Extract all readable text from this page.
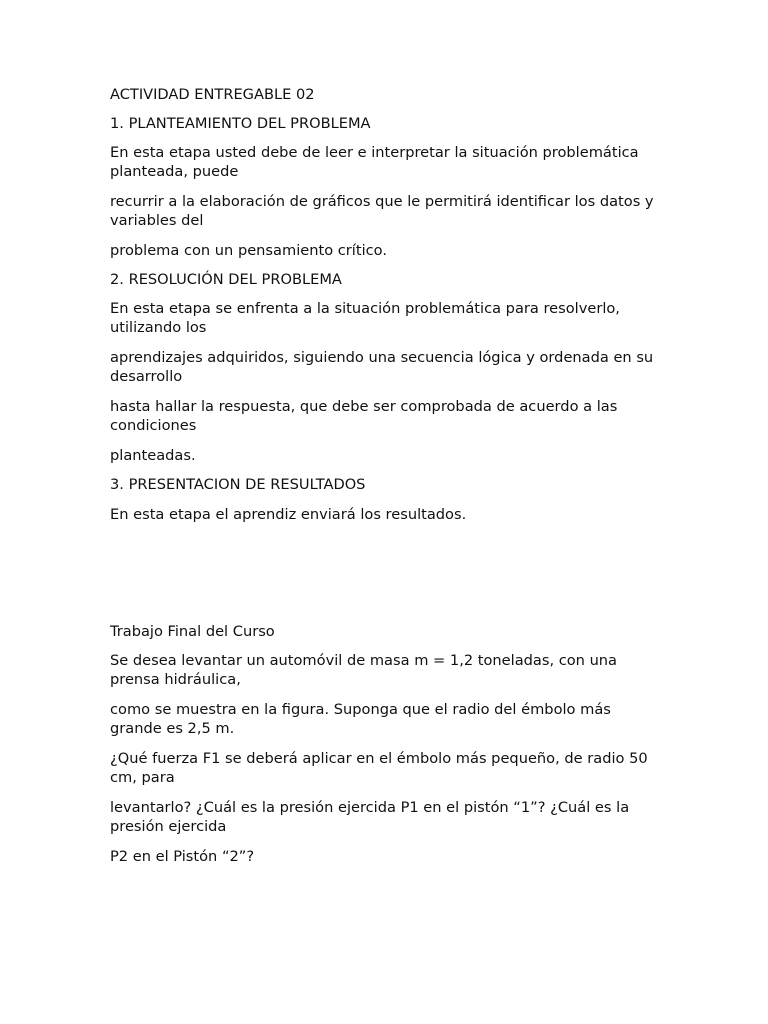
ACTIVIDAD ENTREGABLE 02

1. PLANTEAMIENTO DEL PROBLEMA

En esta etapa usted debe de leer e interpretar la situación problemática planteada, puede

recurrir a la elaboración de gráficos que le permitirá identificar los datos y variables del

problema con un pensamiento crítico.

2. RESOLUCIÓN DEL PROBLEMA

En esta etapa se enfrenta a la situación problemática para resolverlo, utilizando los

aprendizajes adquiridos, siguiendo una secuencia lógica y ordenada en su desarrollo

hasta hallar la respuesta, que debe ser comprobada de acuerdo a las condiciones

planteadas.

3. PRESENTACION DE RESULTADOS

En esta etapa el aprendiz enviará los resultados.

Trabajo Final del Curso

Se desea levantar un automóvil de masa m = 1,2 toneladas, con una prensa hidráulica,

como se muestra en la figura. Suponga que el radio del émbolo más grande es 2,5 m.

¿Qué fuerza F1 se deberá aplicar en el émbolo más pequeño, de radio 50 cm, para

levantarlo? ¿Cuál es la presión ejercida P1 en el pistón “1”? ¿Cuál es la presión ejercida

P2 en el Pistón “2”?
